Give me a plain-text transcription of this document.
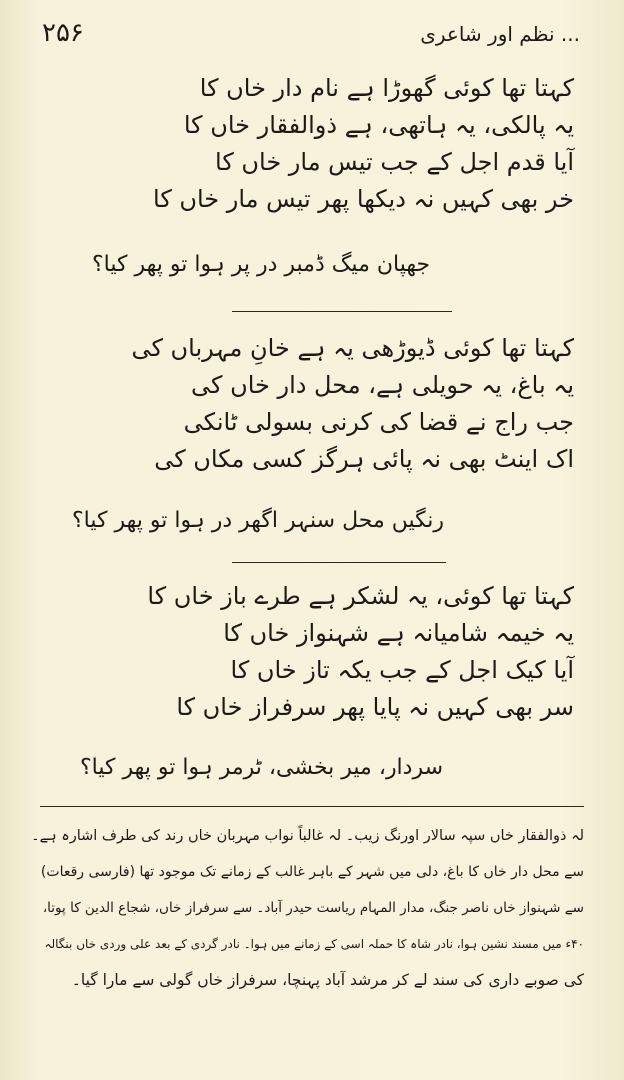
۲۵۶	... نظم اور شاعری
کہتا تھا کوئی گھوڑا ہے نام دار خاں کا
یہ پالکی، یہ ہاتھی، ہے ذوالفقار خاں کا
آیا قدم اجل کے جب تیس مار خاں کا
خر بھی کہیں نہ دیکھا پھر تیس مار خاں کا
جھپان میگ ڈمبر در پر ہوا تو پھر کیا؟
کہتا تھا کوئی ڈیوڑھی یہ ہے خانِ مہرباں کی
یہ باغ، یہ حویلی ہے، محل دار خاں کی
جب راج نے قضا کی کرنی بسولی ٹانکی
اک اینٹ بھی نہ پائی ہرگز کسی مکاں کی
رنگیں محل سنہر اگھر در ہوا تو پھر کیا؟
کہتا تھا کوئی، یہ لشکر ہے طرے باز خاں کا
یہ خیمہ شامیانہ ہے شہنواز خاں کا
آیا کیک اجل کے جب یکہ تاز خاں کا
سر بھی کہیں نہ پایا پھر سرفراز خاں کا
سردار، میر بخشی، ٹرمر ہوا تو پھر کیا؟
لہ ذوالفقار خاں سپہ سالار اورنگ زیب۔ لہ غالباً نواب مہربان خاں رند کی طرف اشارہ ہے۔
سے محل دار خاں کا باغ، دلی میں شہر کے باہر غالب کے زمانے تک موجود تھا (فارسی رقعات)
سے شہنواز خاں ناصر جنگ، مدار المہام ریاست حیدر آباد۔ سے سرفراز خاں، شجاع الدین کا پوتا،
۴۰ء میں مسند نشین ہوا، نادر شاہ کا حملہ اسی کے زمانے میں ہوا۔ نادر گردی کے بعد علی وردی خاں بنگالہ
کی صوبے داری کی سند لے کر مرشد آباد پہنچا، سرفراز خاں گولی سے مارا گیا۔
